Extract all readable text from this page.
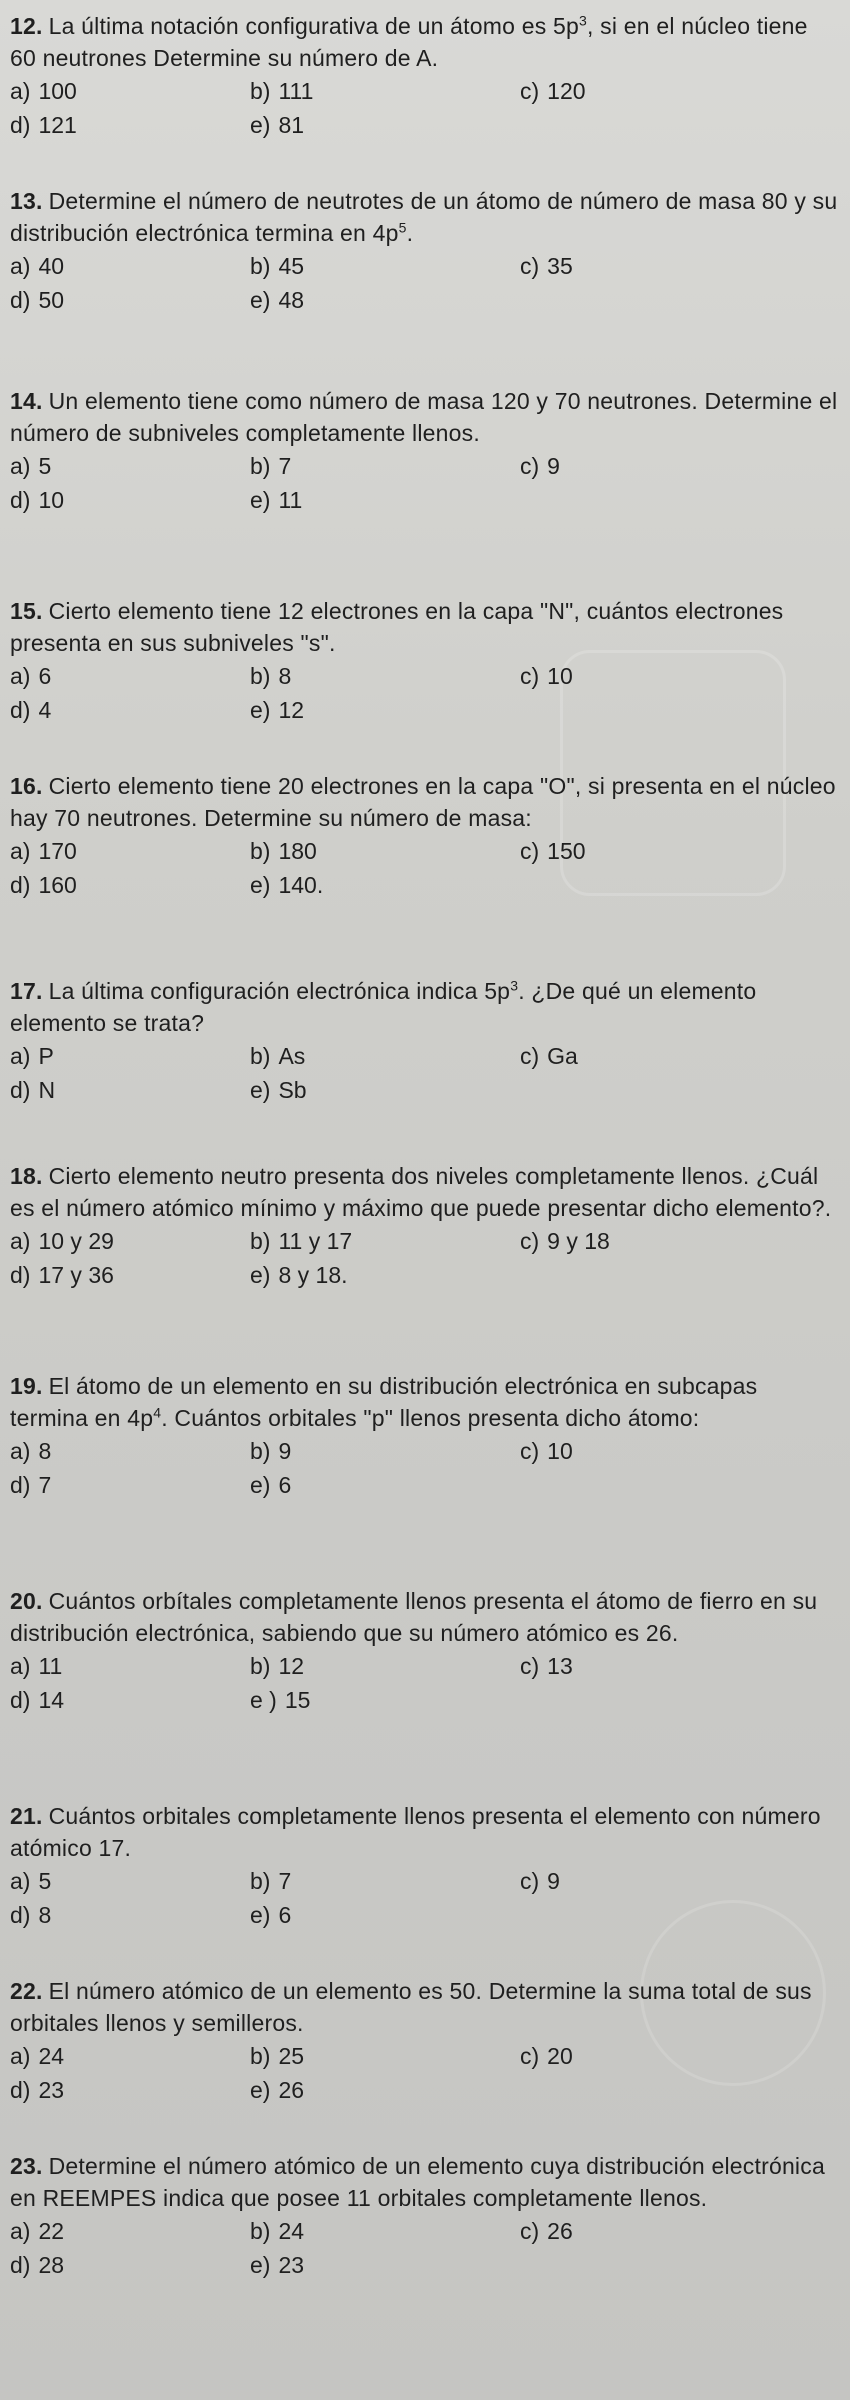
12. La última notación configurativa de un átomo es $5p^3$, si en el núcleo tiene 60 neutrones Determine su número de A.
a) 100	b) 111	c) 120
d) 121	e) 81
13. Determine el número de neutrotes de un átomo de número de masa 80 y su distribución electrónica termina en $4p^5$.
a) 40	b) 45	c) 35
d) 50	e) 48
14. Un elemento tiene como número de masa 120 y 70 neutrones. Determine el número de subniveles completamente llenos.
a) 5	b) 7	c) 9
d) 10	e) 11
15. Cierto elemento tiene 12 electrones en la capa "N", cuántos electrones presenta en sus subniveles "s".
a) 6	b) 8	c) 10
d) 4	e) 12
16. Cierto elemento tiene 20 electrones en la capa "O", si presenta en el núcleo hay 70 neutrones. Determine su número de masa:
a) 170	b) 180	c) 150
d) 160	e) 140.
17. La última configuración electrónica indica $5p^3$. ¿De qué un elemento elemento se trata?
a) P	b) As	c) Ga
d) N	e) Sb
18. Cierto elemento neutro presenta dos niveles completamente llenos. ¿Cuál es el número atómico mínimo y máximo que puede presentar dicho elemento?.
a) 10 y 29	b) 11 y 17	c) 9 y 18
d) 17 y 36	e) 8 y 18.
19. El átomo de un elemento en su distribución electrónica en subcapas termina en $4p^4$. Cuántos orbitales "p" llenos presenta dicho átomo:
a) 8	b) 9	c) 10
d) 7	e) 6
20. Cuántos orbítales completamente llenos presenta el átomo de fierro en su distribución electrónica, sabiendo que su número atómico es 26.
a) 11	b) 12	c) 13
d) 14	e ) 15
21. Cuántos orbitales completamente llenos presenta el elemento con número atómico 17.
a) 5	b) 7	c) 9
d) 8	e) 6
22. El número atómico de un elemento es 50. Determine la suma total de sus orbitales llenos y semilleros.
a) 24	b) 25	c) 20
d) 23	e) 26
23. Determine el número atómico de un elemento cuya distribución electrónica en REEMPES indica que posee 11 orbitales completamente llenos.
a) 22	b) 24	c) 26
d) 28	e) 23
